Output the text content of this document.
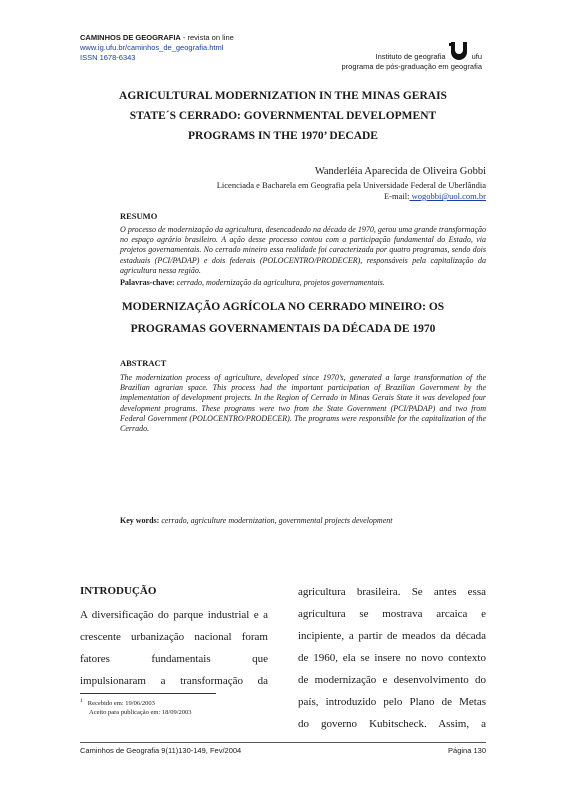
CAMINHOS DE GEOGRAFIA - revista on line
www.ig.ufu.br/caminhos_de_geografia.html
ISSN 1678-6343	Instituto de geografia	ufu
programa de pós-graduação em geografia
AGRICULTURAL MODERNIZATION IN THE MINAS GERAIS
STATE´S CERRADO: GOVERNMENTAL DEVELOPMENT
PROGRAMS IN THE 1970’ DECADE
Wanderléia Aparecida de Oliveira Gobbi
Licenciada e Bacharela em Geografia pela Universidade Federal de Uberlândia
E-mail: wogobbi@uol.com.br
RESUMO
O processo de modernização da agricultura, desencadeado na década de 1970, gerou uma grande transformação no espaço agrário brasileiro. A ação desse processo contou com a participação fundamental do Estado, via projetos governamentais. No cerrado mineiro essa realidade foi caracterizada por quatro programas, sendo dois estaduais (PCI/PADAP) e dois federais (POLOCENTRO/PRODECER), responsáveis pela capitalização da agricultura nessa região.
Palavras-chave: cerrado, modernização da agricultura, projetos governamentais.
MODERNIZAÇÃO AGRÍCOLA NO CERRADO MINEIRO: OS
PROGRAMAS GOVERNAMENTAIS DA DÉCADA DE 1970
ABSTRACT
The modernization process of agriculture, developed since 1970’s, generated a large transformation of the Brazilian agrarian space. This process had the important participation of Brazilian Government by the implementation of development projects. In the Region of Cerrado in Minas Gerais State it was developed four development programs. These programs were two from the State Government (PCI/PADAP) and two from Federal Government (POLOCENTRO/PRODECER). The programs were responsible for the capitalization of the Cerrado.
Key words: cerrado, agriculture modernization, governmental projects development
INTRODUÇÃO
A diversificação do parque industrial e a
crescente urbanização nacional foram
fatores fundamentais que
impulsionaram a transformação da
agricultura brasileira. Se antes essa
agricultura se mostrava arcaica e
incipiente, a partir de meados da década
de 1960, ela se insere no novo contexto
de modernização e desenvolvimento do
país, introduzido pelo Plano de Metas
do governo Kubitscheck. Assim, a
$^1$ Recebido em: 19/06/2003
Aceito para publicação em: 18/09/2003
Caminhos de Geografia 9(11)130-149, Fev/2004	Página 130
